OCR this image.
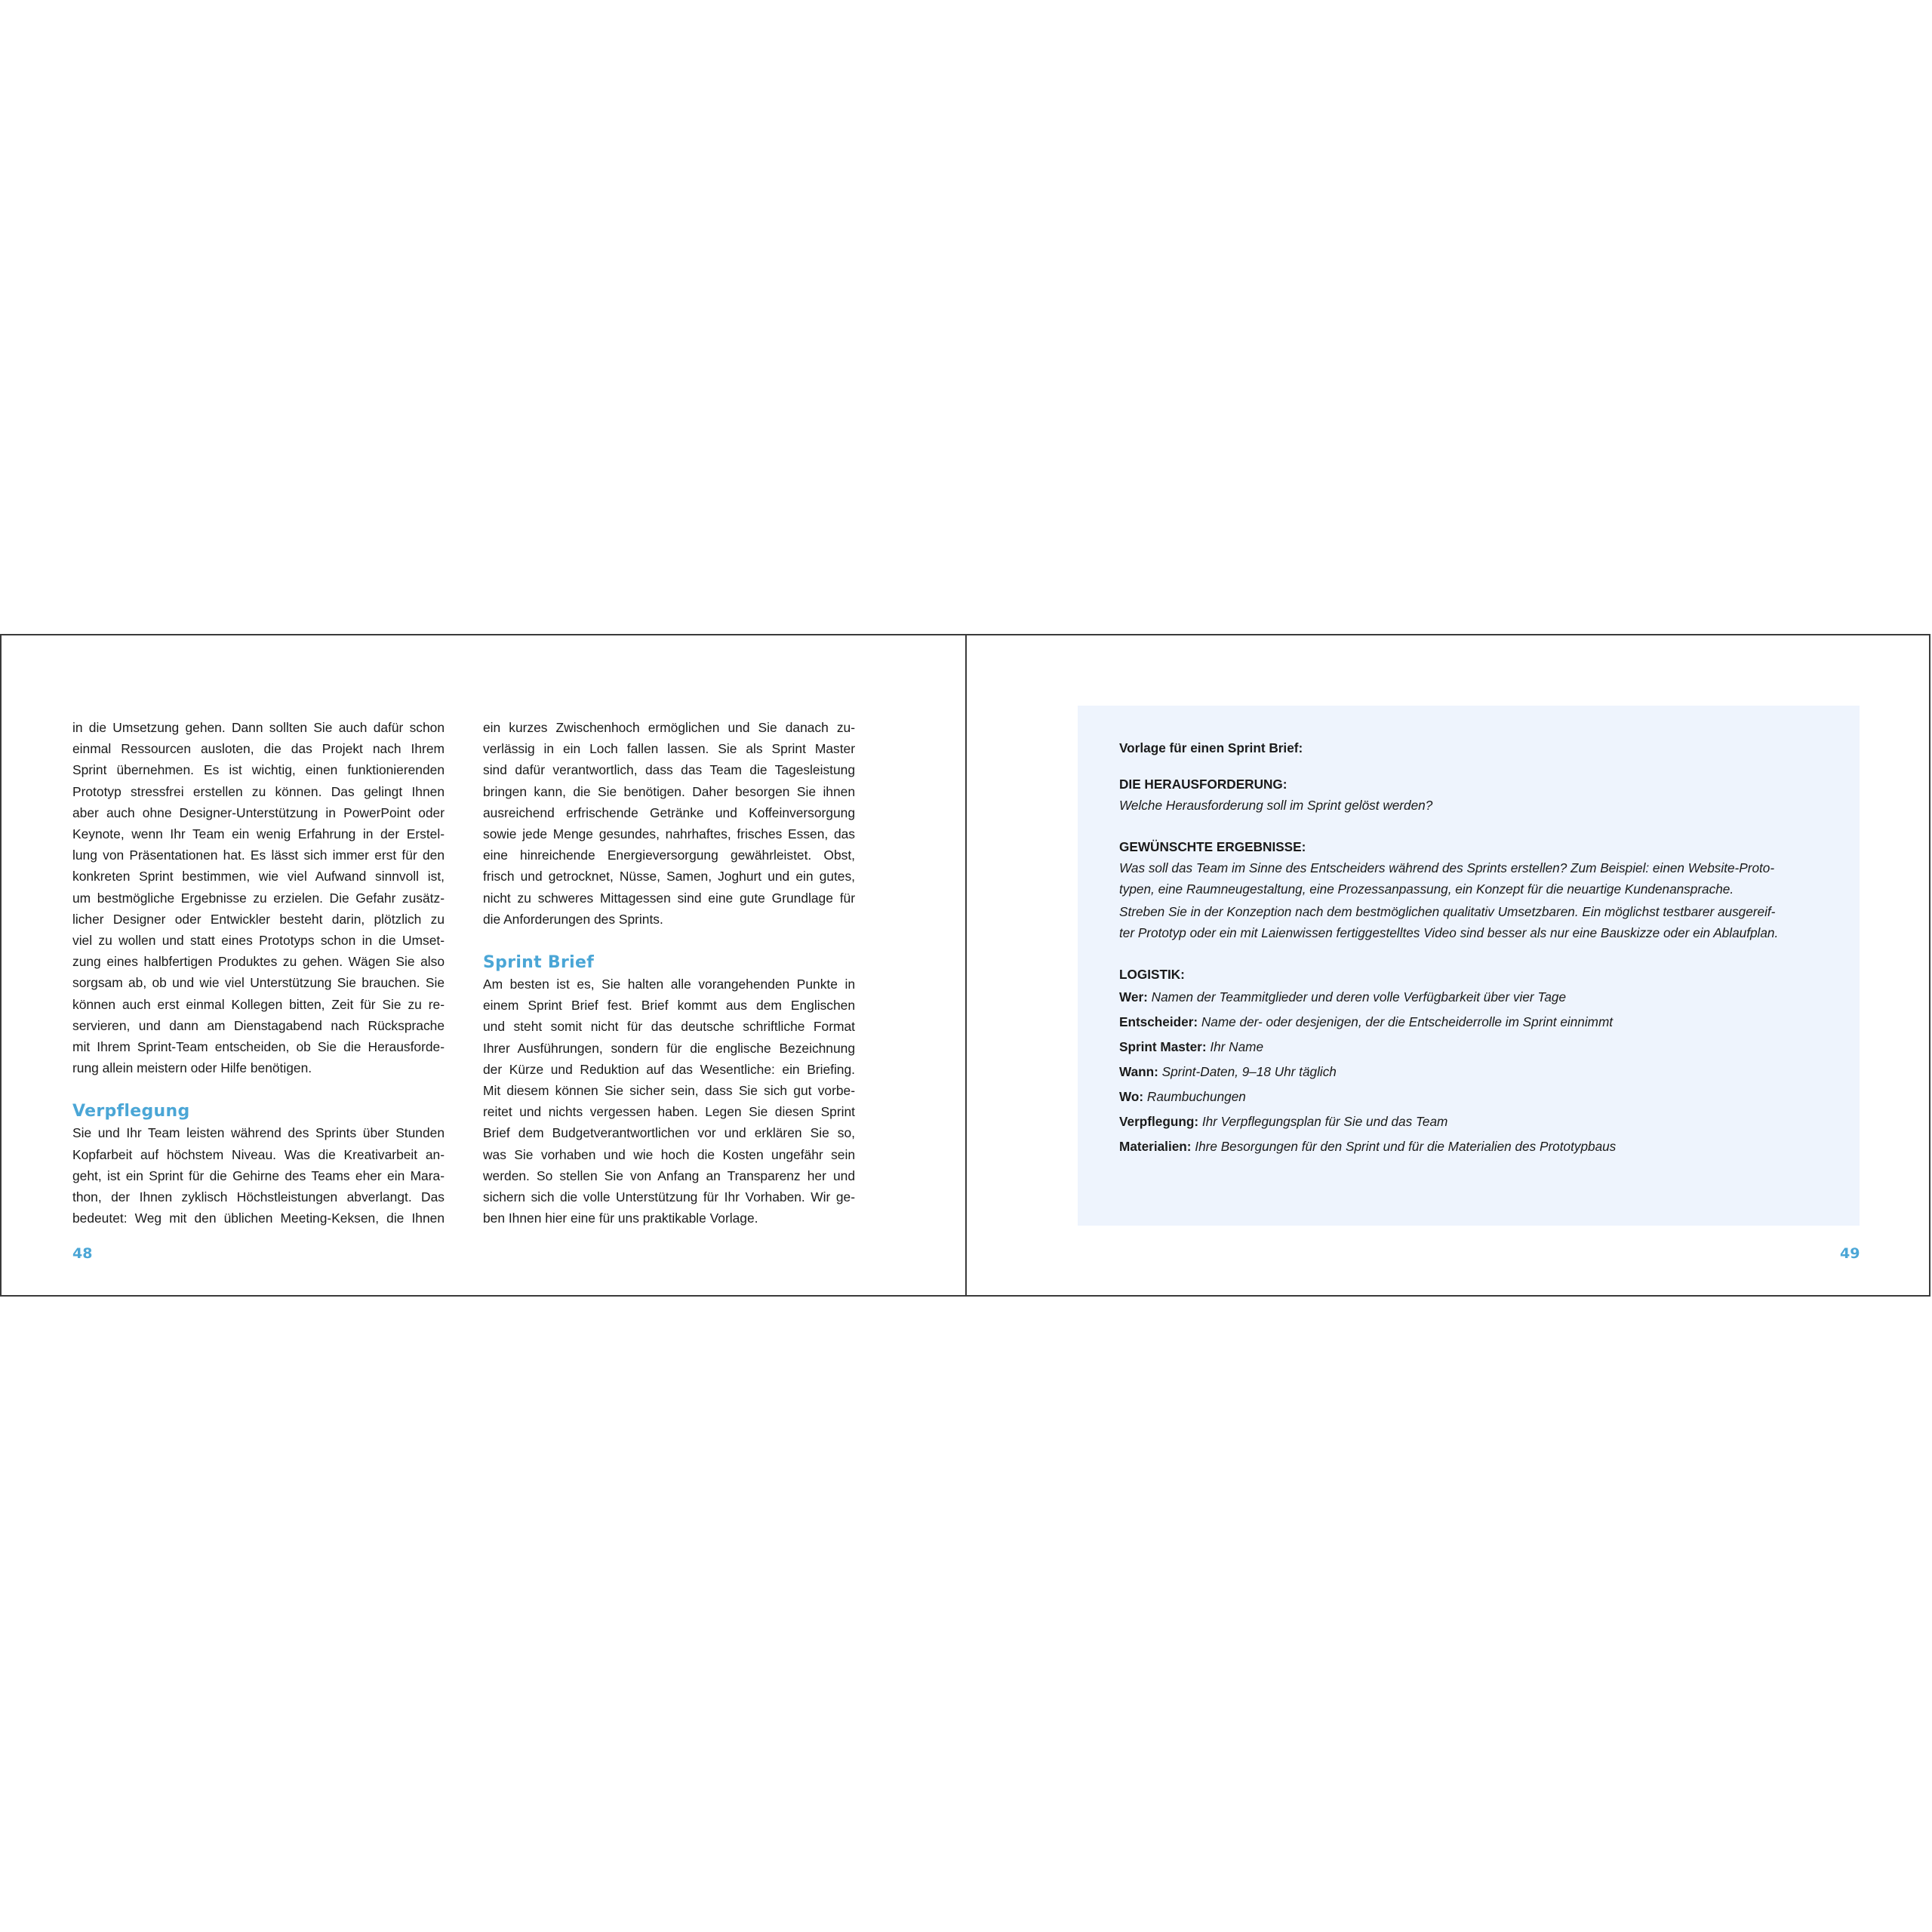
in die Umsetzung gehen. Dann sollten Sie auch dafür schon
einmal Ressourcen ausloten, die das Projekt nach Ihrem
Sprint übernehmen. Es ist wichtig, einen funktionierenden
Prototyp stressfrei erstellen zu können. Das gelingt Ihnen
aber auch ohne Designer-Unterstützung in PowerPoint oder
Keynote, wenn Ihr Team ein wenig Erfahrung in der Erstel-
lung von Präsentationen hat. Es lässt sich immer erst für den
konkreten Sprint bestimmen, wie viel Aufwand sinnvoll ist,
um bestmögliche Ergebnisse zu erzielen. Die Gefahr zusätz-
licher Designer oder Entwickler besteht darin, plötzlich zu
viel zu wollen und statt eines Prototyps schon in die Umset-
zung eines halbfertigen Produktes zu gehen. Wägen Sie also
sorgsam ab, ob und wie viel Unterstützung Sie brauchen. Sie
können auch erst einmal Kollegen bitten, Zeit für Sie zu re-
servieren, und dann am Dienstagabend nach Rücksprache
mit Ihrem Sprint-Team entscheiden, ob Sie die Herausforde-
rung allein meistern oder Hilfe benötigen.
Verpflegung
Sie und Ihr Team leisten während des Sprints über Stunden
Kopfarbeit auf höchstem Niveau. Was die Kreativarbeit an-
geht, ist ein Sprint für die Gehirne des Teams eher ein Mara-
thon, der Ihnen zyklisch Höchstleistungen abverlangt. Das
bedeutet: Weg mit den üblichen Meeting-Keksen, die Ihnen
ein kurzes Zwischenhoch ermöglichen und Sie danach zu-
verlässig in ein Loch fallen lassen. Sie als Sprint Master
sind dafür verantwortlich, dass das Team die Tagesleistung
bringen kann, die Sie benötigen. Daher besorgen Sie ihnen
ausreichend erfrischende Getränke und Koffeinversorgung
sowie jede Menge gesundes, nahrhaftes, frisches Essen, das
eine hinreichende Energieversorgung gewährleistet. Obst,
frisch und getrocknet, Nüsse, Samen, Joghurt und ein gutes,
nicht zu schweres Mittagessen sind eine gute Grundlage für
die Anforderungen des Sprints.
Sprint Brief
Am besten ist es, Sie halten alle vorangehenden Punkte in
einem Sprint Brief fest. Brief kommt aus dem Englischen
und steht somit nicht für das deutsche schriftliche Format
Ihrer Ausführungen, sondern für die englische Bezeichnung
der Kürze und Reduktion auf das Wesentliche: ein Briefing.
Mit diesem können Sie sicher sein, dass Sie sich gut vorbe-
reitet und nichts vergessen haben. Legen Sie diesen Sprint
Brief dem Budgetverantwortlichen vor und erklären Sie so,
was Sie vorhaben und wie hoch die Kosten ungefähr sein
werden. So stellen Sie von Anfang an Transparenz her und
sichern sich die volle Unterstützung für Ihr Vorhaben. Wir ge-
ben Ihnen hier eine für uns praktikable Vorlage.
48
Vorlage für einen Sprint Brief:
DIE HERAUSFORDERUNG:
Welche Herausforderung soll im Sprint gelöst werden?
GEWÜNSCHTE ERGEBNISSE:
Was soll das Team im Sinne des Entscheiders während des Sprints erstellen? Zum Beispiel: einen Website-Proto-
typen, eine Raumneugestaltung, eine Prozessanpassung, ein Konzept für die neuartige Kundenansprache.
Streben Sie in der Konzeption nach dem bestmöglichen qualitativ Umsetzbaren. Ein möglichst testbarer ausgereif-
ter Prototyp oder ein mit Laienwissen fertiggestelltes Video sind besser als nur eine Bauskizze oder ein Ablaufplan.
LOGISTIK:
Wer: Namen der Teammitglieder und deren volle Verfügbarkeit über vier Tage
Entscheider: Name der- oder desjenigen, der die Entscheiderrolle im Sprint einnimmt
Sprint Master: Ihr Name
Wann: Sprint-Daten, 9–18 Uhr täglich
Wo: Raumbuchungen
Verpflegung: Ihr Verpflegungsplan für Sie und das Team
Materialien: Ihre Besorgungen für den Sprint und für die Materialien des Prototypbaus
49
